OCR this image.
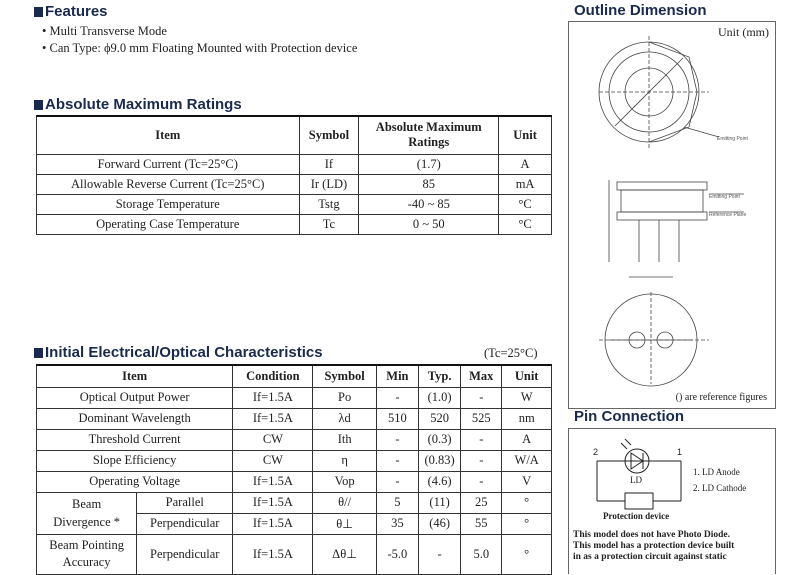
Features
• Multi Transverse Mode
• Can Type: ϕ9.0 mm Floating Mounted with Protection device
Absolute Maximum Ratings
Item	Symbol	Absolute Maximum
Ratings	Unit
Forward Current (Tc=25°C)	If	(1.7)	A
Allowable Reverse Current (Tc=25°C)	Ir (LD)	85	mA
Storage Temperature	Tstg	-40 ~ 85	°C
Operating Case Temperature	Tc	0 ~ 50	°C
Initial Electrical/Optical Characteristics	(Tc=25°C)
Item		Condition	Symbol	Min	Typ.	Max	Unit
Optical Output Power		If=1.5A	Po	-	(1.0)	-	W
Dominant Wavelength		If=1.5A	λd	510	520	525	nm
Threshold Current		CW	Ith	-	(0.3)	-	A
Slope Efficiency		CW	η	-	(0.83)	-	W/A
Operating Voltage		If=1.5A	Vop	-	(4.6)	-	V
Beam
Divergence *	Parallel	If=1.5A	θ//	5	(11)	25	°
	Perpendicular	If=1.5A	θ⊥	35	(46)	55	°
Beam Pointing
Accuracy	Perpendicular	If=1.5A	Δθ⊥	-5.0	-	5.0	°
Outline Dimension
Unit (mm)
Emitting Point
Emitting Point
Reference Plane
() are reference figures
Pin Connection
2	1
LD
1. LD Anode
2. LD Cathode
Protection device
This model does not have Photo Diode.
This model has a protection device built
in as a protection circuit against static
